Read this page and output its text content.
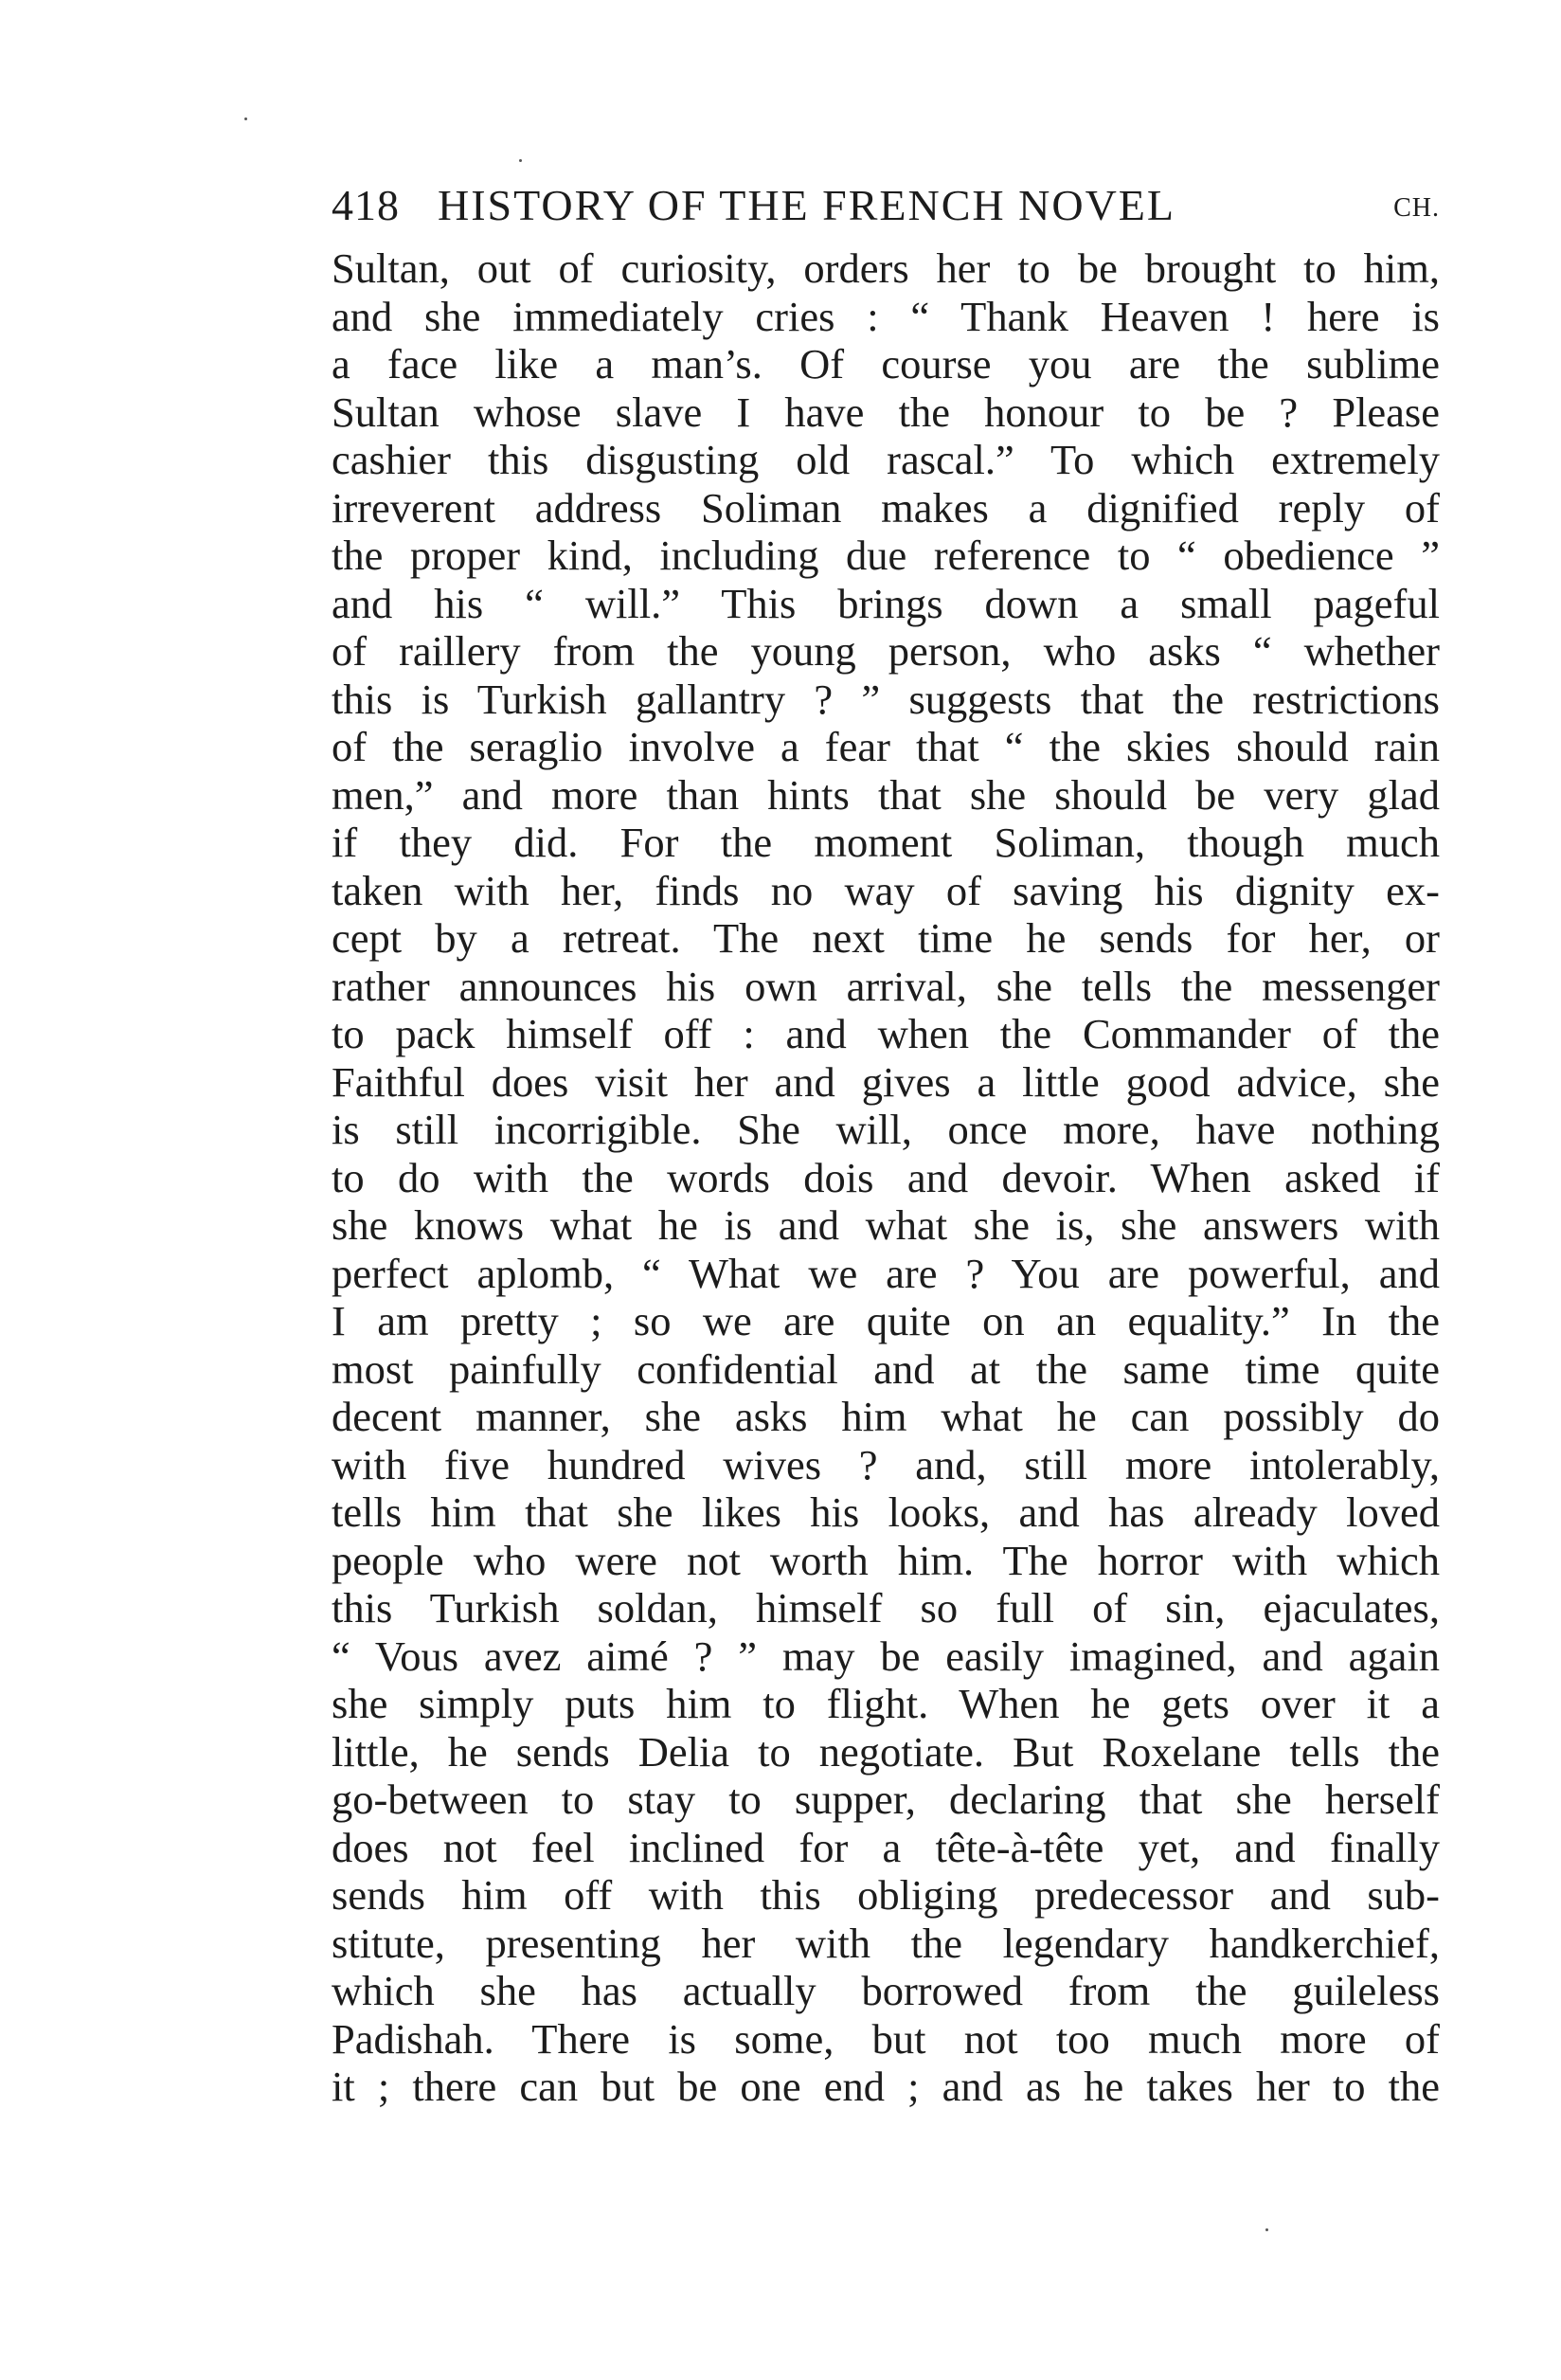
418 HISTORY OF THE FRENCH NOVEL	CH.
Sultan, out of curiosity, orders her to be brought to him,
and she immediately cries : “ Thank Heaven ! here is
a face like a man’s. Of course you are the sublime
Sultan whose slave I have the honour to be ? Please
cashier this disgusting old rascal.” To which extremely
irreverent address Soliman makes a dignified reply of
the proper kind, including due reference to “ obedience ”
and his “ will.” This brings down a small pageful
of raillery from the young person, who asks “ whether
this is Turkish gallantry ? ” suggests that the restrictions
of the seraglio involve a fear that “ the skies should rain
men,” and more than hints that she should be very glad
if they did. For the moment Soliman, though much
taken with her, finds no way of saving his dignity ex-
cept by a retreat. The next time he sends for her, or
rather announces his own arrival, she tells the messenger
to pack himself off : and when the Commander of the
Faithful does visit her and gives a little good advice, she
is still incorrigible. She will, once more, have nothing
to do with the words dois and devoir. When asked if
she knows what he is and what she is, she answers with
perfect aplomb, “ What we are ? You are powerful, and
I am pretty ; so we are quite on an equality.” In the
most painfully confidential and at the same time quite
decent manner, she asks him what he can possibly do
with five hundred wives ? and, still more intolerably,
tells him that she likes his looks, and has already loved
people who were not worth him. The horror with which
this Turkish soldan, himself so full of sin, ejaculates,
“ Vous avez aimé ? ” may be easily imagined, and again
she simply puts him to flight. When he gets over it a
little, he sends Delia to negotiate. But Roxelane tells the
go-between to stay to supper, declaring that she herself
does not feel inclined for a tête-à-tête yet, and finally
sends him off with this obliging predecessor and sub-
stitute, presenting her with the legendary handkerchief,
which she has actually borrowed from the guileless
Padishah. There is some, but not too much more of
it ; there can but be one end ; and as he takes her to the
